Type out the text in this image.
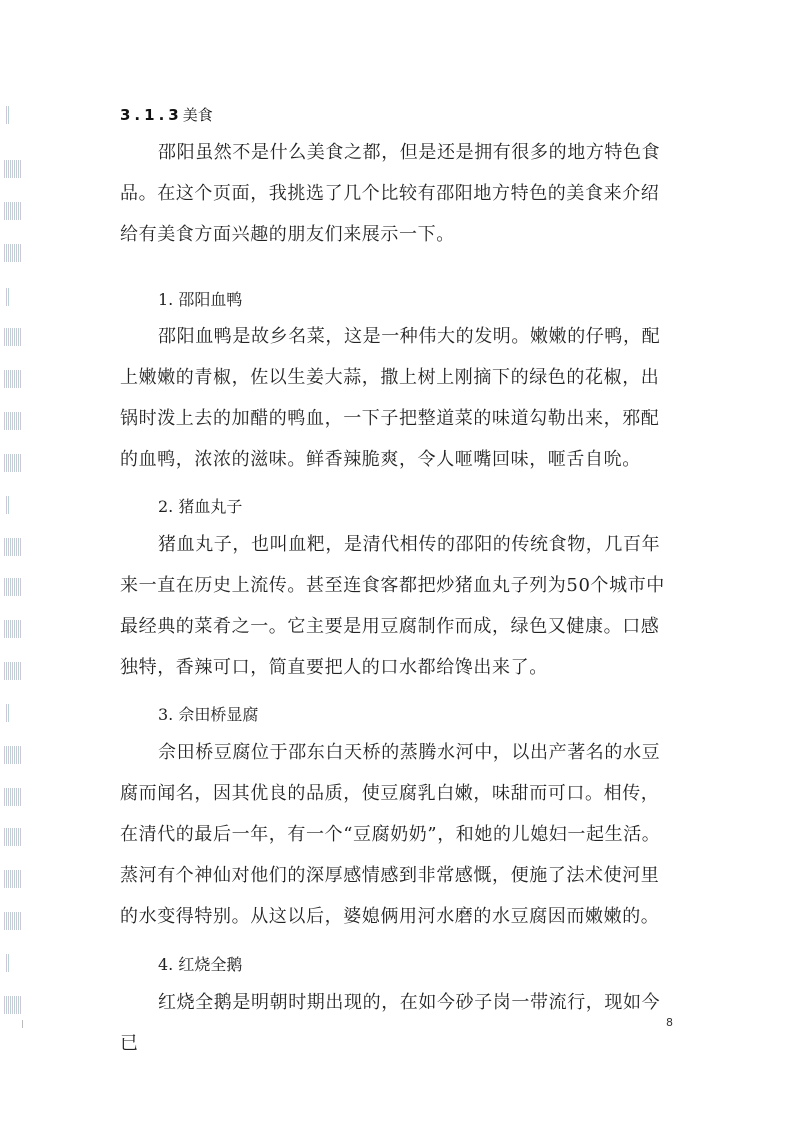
3.1.3美食

邵阳虽然不是什么美食之都，但是还是拥有很多的地方特色食品。在这个页面，我挑选了几个比较有邵阳地方特色的美食来介绍给有美食方面兴趣的朋友们来展示一下。

1. 邵阳血鸭

邵阳血鸭是故乡名菜，这是一种伟大的发明。嫩嫩的仔鸭，配上嫩嫩的青椒，佐以生姜大蒜，撒上树上刚摘下的绿色的花椒，出锅时泼上去的加醋的鸭血，一下子把整道菜的味道勾勒出来，邪配的血鸭，浓浓的滋味。鲜香辣脆爽，令人咂嘴回味，咂舌自吮。

2. 猪血丸子

猪血丸子，也叫血粑，是清代相传的邵阳的传统食物，几百年来一直在历史上流传。甚至连食客都把炒猪血丸子列为50个城市中最经典的菜肴之一。它主要是用豆腐制作而成，绿色又健康。口感独特，香辣可口，简直要把人的口水都给馋出来了。

3. 佘田桥显腐

佘田桥豆腐位于邵东白天桥的蒸腾水河中，以出产著名的水豆腐而闻名，因其优良的品质，使豆腐乳白嫩，味甜而可口。相传，在清代的最后一年，有一个“豆腐奶奶”，和她的儿媳妇一起生活。蒸河有个神仙对他们的深厚感情感到非常感慨，便施了法术使河里的水变得特别。从这以后，婆媳俩用河水磨的水豆腐因而嫩嫩的。

4. 红烧全鹅

红烧全鹅是明朝时期出现的，在如今砂子岗一带流行，现如今已

8
